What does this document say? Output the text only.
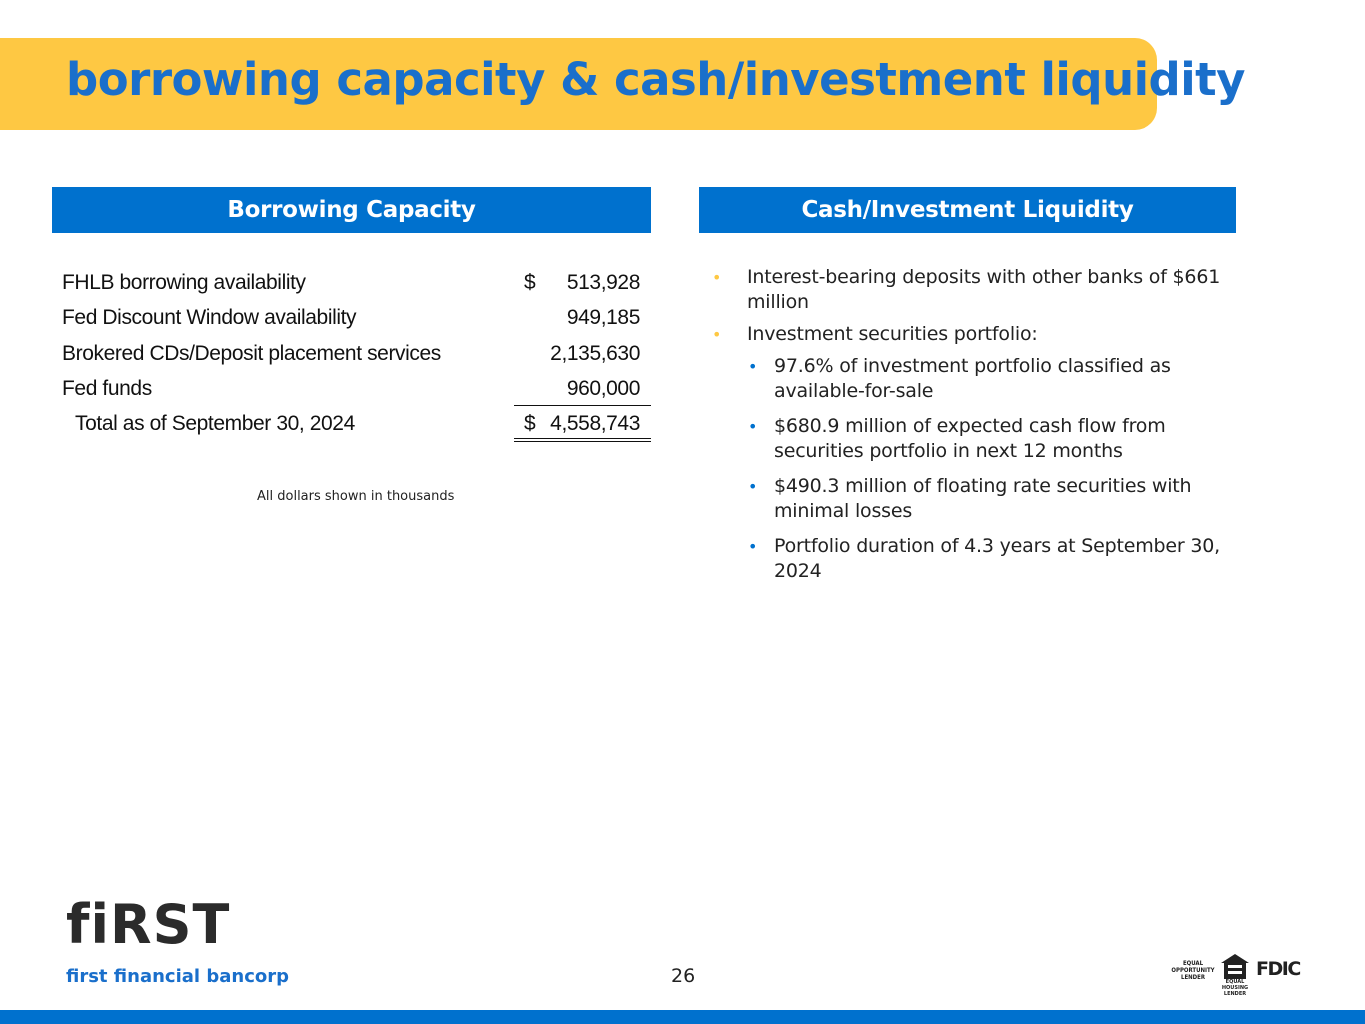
borrowing capacity & cash/investment liquidity
Borrowing Capacity	Cash/Investment Liquidity
FHLB borrowing availability	$ 513,928
Fed Discount Window availability	949,185
Brokered CDs/Deposit placement services	2,135,630
Fed funds	960,000
Total as of September 30, 2024	$ 4,558,743
All dollars shown in thousands
• Interest-bearing deposits with other banks of $661 million
• Investment securities portfolio:
• 97.6% of investment portfolio classified as available-for-sale
• $680.9 million of expected cash flow from securities portfolio in next 12 months
• $490.3 million of floating rate securities with minimal losses
• Portfolio duration of 4.3 years at September 30, 2024
fiRST
first financial bancorp	26
EQUAL OPPORTUNITY LENDER
EQUAL HOUSING LENDER
FDIC
